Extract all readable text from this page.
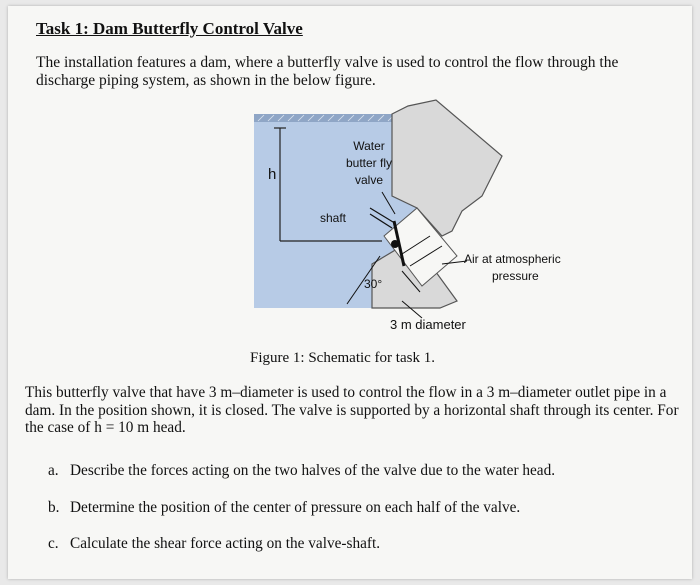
Task 1: Dam Butterfly Control Valve
The installation features a dam, where a butterfly valve is used to control the flow through the discharge piping system, as shown in the below figure.
h
Water
butter fly
valve
shaft
Air at atmospheric
pressure
30°
3 m diameter
Figure 1: Schematic for task 1.
This butterfly valve that have 3 m–diameter is used to control the flow in a 3 m–diameter outlet pipe in a dam. In the position shown, it is closed. The valve is supported by a horizontal shaft through its center. For the case of h = 10 m head.
a. Describe the forces acting on the two halves of the valve due to the water head.
b. Determine the position of the center of pressure on each half of the valve.
c. Calculate the shear force acting on the valve-shaft.
